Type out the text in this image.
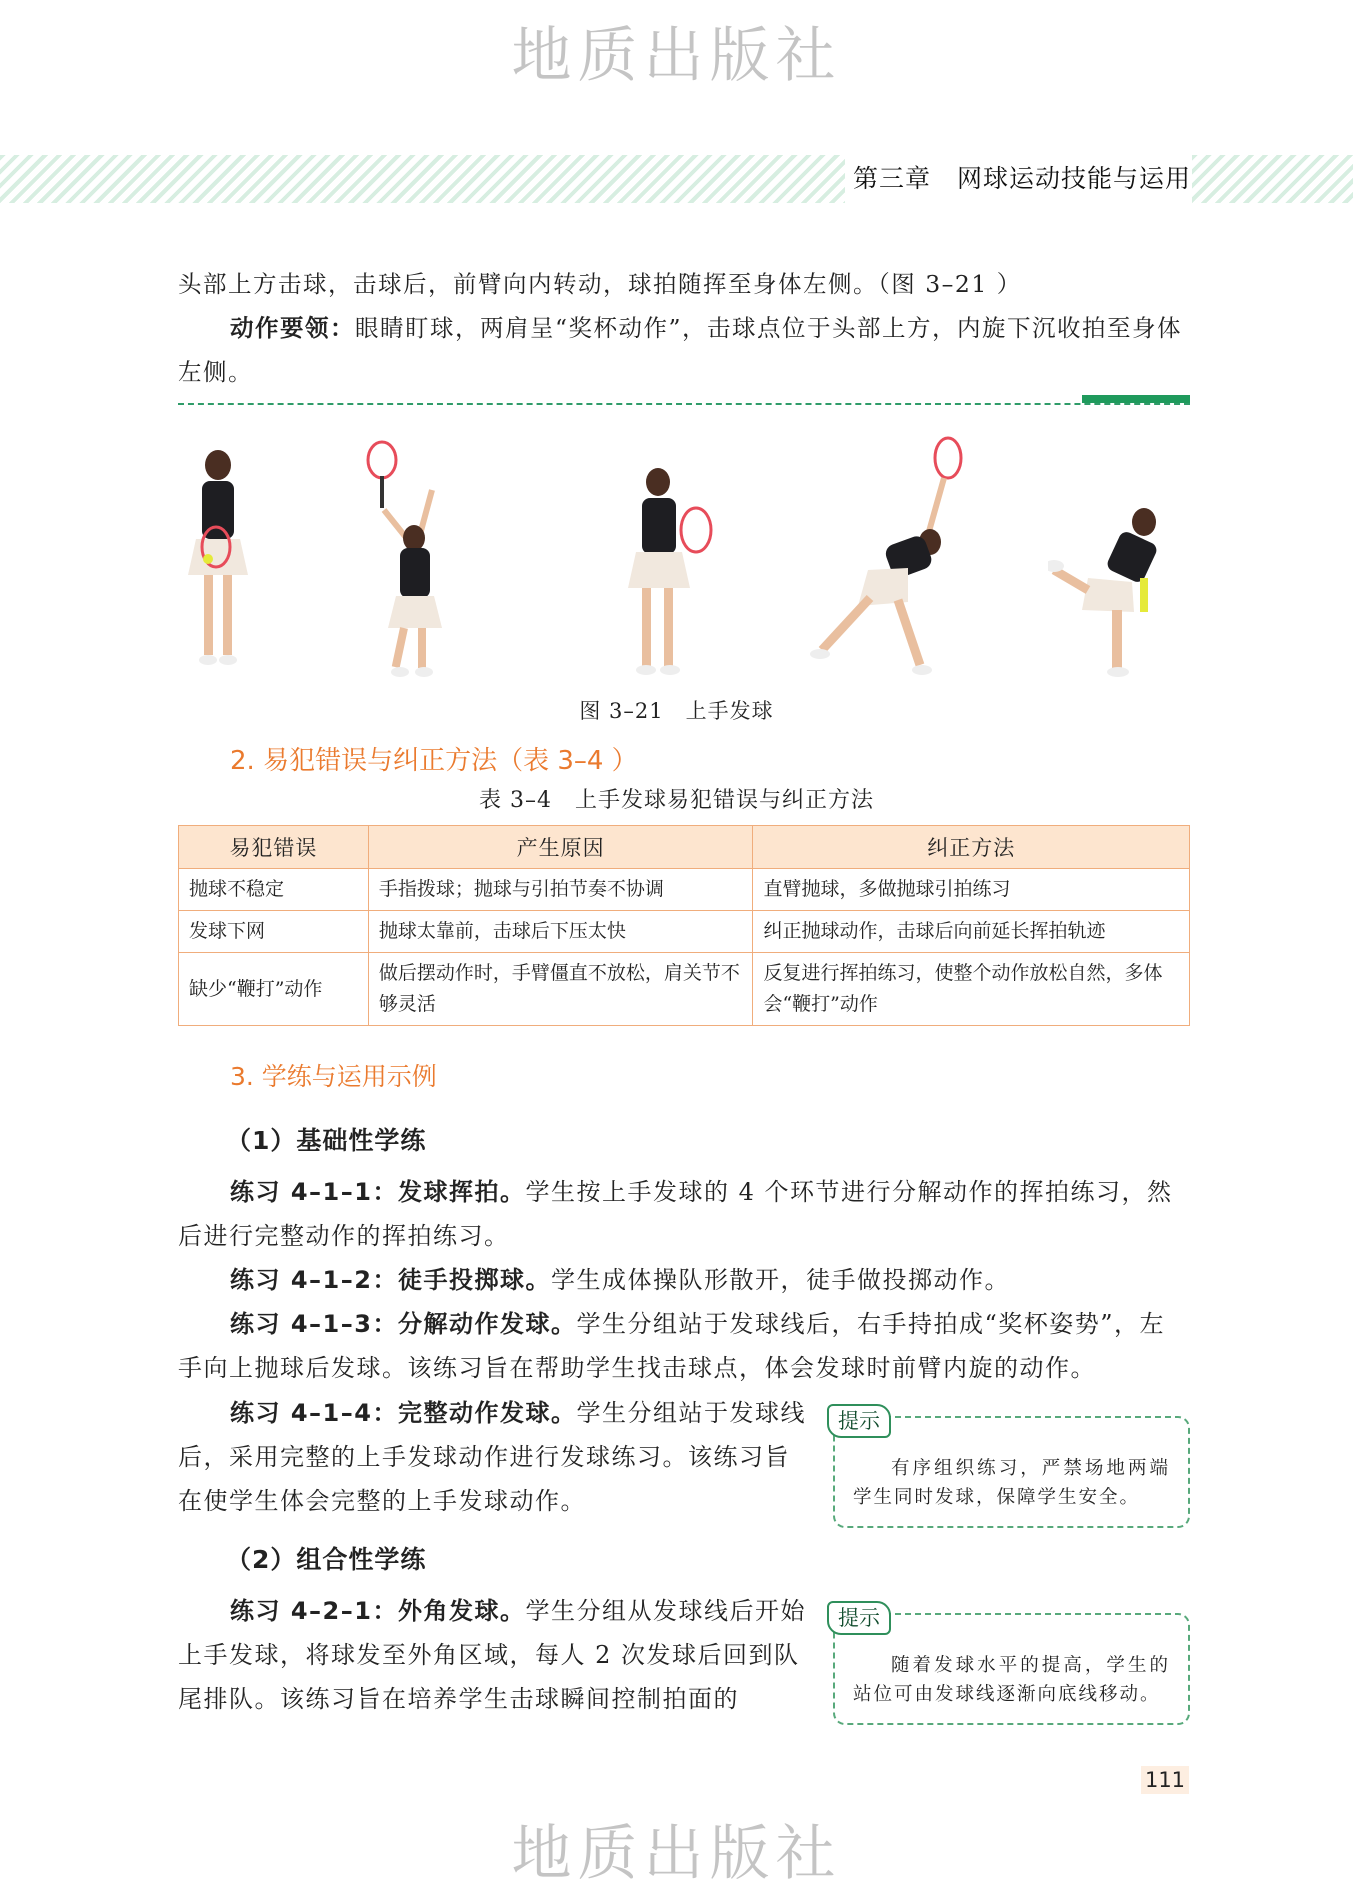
地质出版社
第三章　网球运动技能与运用

头部上方击球，击球后，前臂向内转动，球拍随挥至身体左侧。（图 3–21 ）

动作要领：眼睛盯球，两肩呈“奖杯动作”，击球点位于头部上方，内旋下沉收拍至身体左侧。

图 3–21　上手发球
2. 易犯错误与纠正方法（表 3–4 ）
表 3–4　上手发球易犯错误与纠正方法
易犯错误	产生原因	纠正方法
抛球不稳定	手指拨球；抛球与引拍节奏不协调	直臂抛球，多做抛球引拍练习
发球下网	抛球太靠前，击球后下压太快	纠正抛球动作，击球后向前延长挥拍轨迹
缺少“鞭打”动作	做后摆动作时，手臂僵直不放松，肩关节不够灵活	反复进行挥拍练习，使整个动作放松自然，多体会“鞭打”动作
3. 学练与运用示例
（1）基础性学练

练习 4–1–1：发球挥拍。学生按上手发球的 4 个环节进行分解动作的挥拍练习，然后进行完整动作的挥拍练习。

练习 4–1–2：徒手投掷球。学生成体操队形散开，徒手做投掷动作。

练习 4–1–3：分解动作发球。学生分组站于发球线后，右手持拍成“奖杯姿势”，左手向上抛球后发球。该练习旨在帮助学生找击球点，体会发球时前臂内旋的动作。

练习 4–1–4：完整动作发球。学生分组站于发球线后，采用完整的上手发球动作进行发球练习。该练习旨在使学生体会完整的上手发球动作。

提示

有序组织练习，严禁场地两端学生同时发球，保障学生安全。

（2）组合性学练

练习 4–2–1：外角发球。学生分组从发球线后开始上手发球，将球发至外角区域，每人 2 次发球后回到队尾排队。该练习旨在培养学生击球瞬间控制拍面的

提示

随着发球水平的提高，学生的站位可由发球线逐渐向底线移动。

111
地质出版社
